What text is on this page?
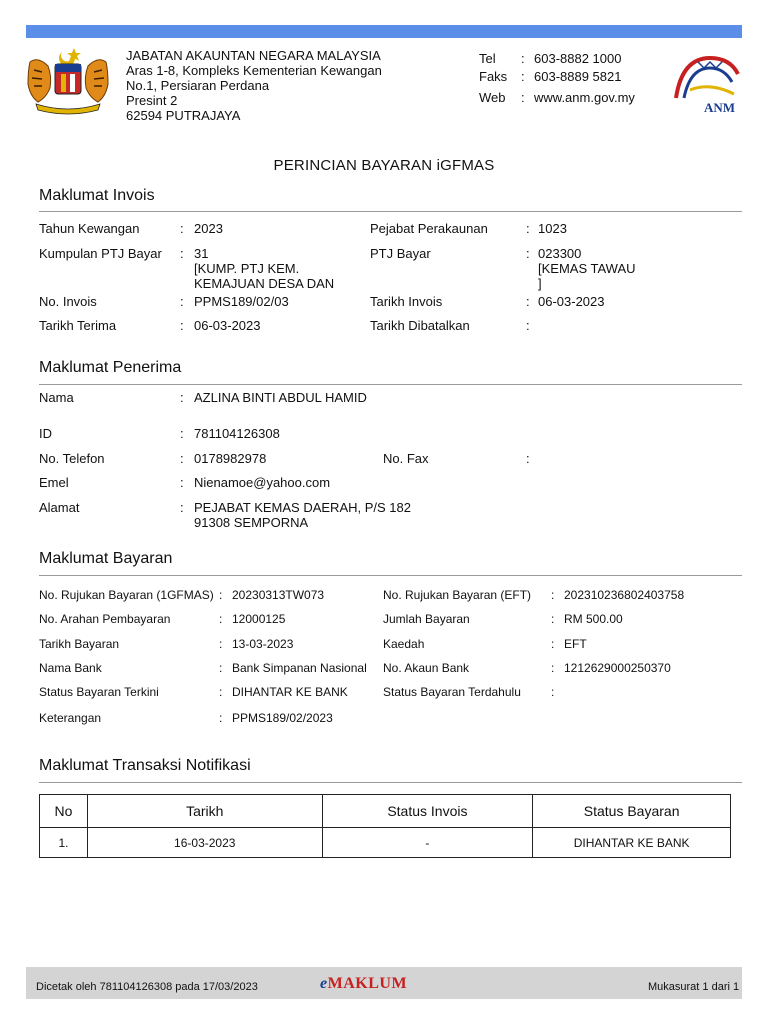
JABATAN AKAUNTAN NEGARA MALAYSIA
Aras 1-8, Kompleks Kementerian Kewangan
No.1, Persiaran Perdana
Presint 2
62594 PUTRAJAYA
Tel : 603-8882 1000
Faks : 603-8889 5821
Web : www.anm.gov.my
ANM
PERINCIAN BAYARAN iGFMAS
Maklumat Invois
Tahun Kewangan	: 2023	Pejabat Perakaunan	: 1023
Kumpulan PTJ Bayar : 31
[KUMP. PTJ KEM.
KEMAJUAN DESA DAN
PTJ Bayar	: 023300
[KEMAS TAWAU
]
No. Invois	: PPMS189/02/03	Tarikh Invois	: 06-03-2023
Tarikh Terima	: 06-03-2023	Tarikh Dibatalkan	:
Maklumat Penerima
Nama	: AZLINA BINTI ABDUL HAMID
ID	: 781104126308
No. Telefon	: 0178982978	No. Fax	:
Emel	: Nienamoe@yahoo.com
Alamat	: PEJABAT KEMAS DAERAH, P/S 182
91308 SEMPORNA
Maklumat Bayaran
No. Rujukan Bayaran (1GFMAS) : 20230313TW073	No. Rujukan Bayaran (EFT) : 202310236802403758
No. Arahan Pembayaran	: 12000125	Jumlah Bayaran	: RM 500.00
Tarikh Bayaran	: 13-03-2023	Kaedah	: EFT
Nama Bank	: Bank Simpanan Nasional No. Akaun Bank	: 1212629000250370
Status Bayaran Terkini	: DIHANTAR KE BANK	Status Bayaran Terdahulu	:
Keterangan	: PPMS189/02/2023
Maklumat Transaksi Notifikasi
No	Tarikh	Status Invois	Status Bayaran
1.	16-03-2023	-	DIHANTAR KE BANK
Dicetak oleh 781104126308 pada 17/03/2023	eMAKLUM	Mukasurat 1 dari 1
